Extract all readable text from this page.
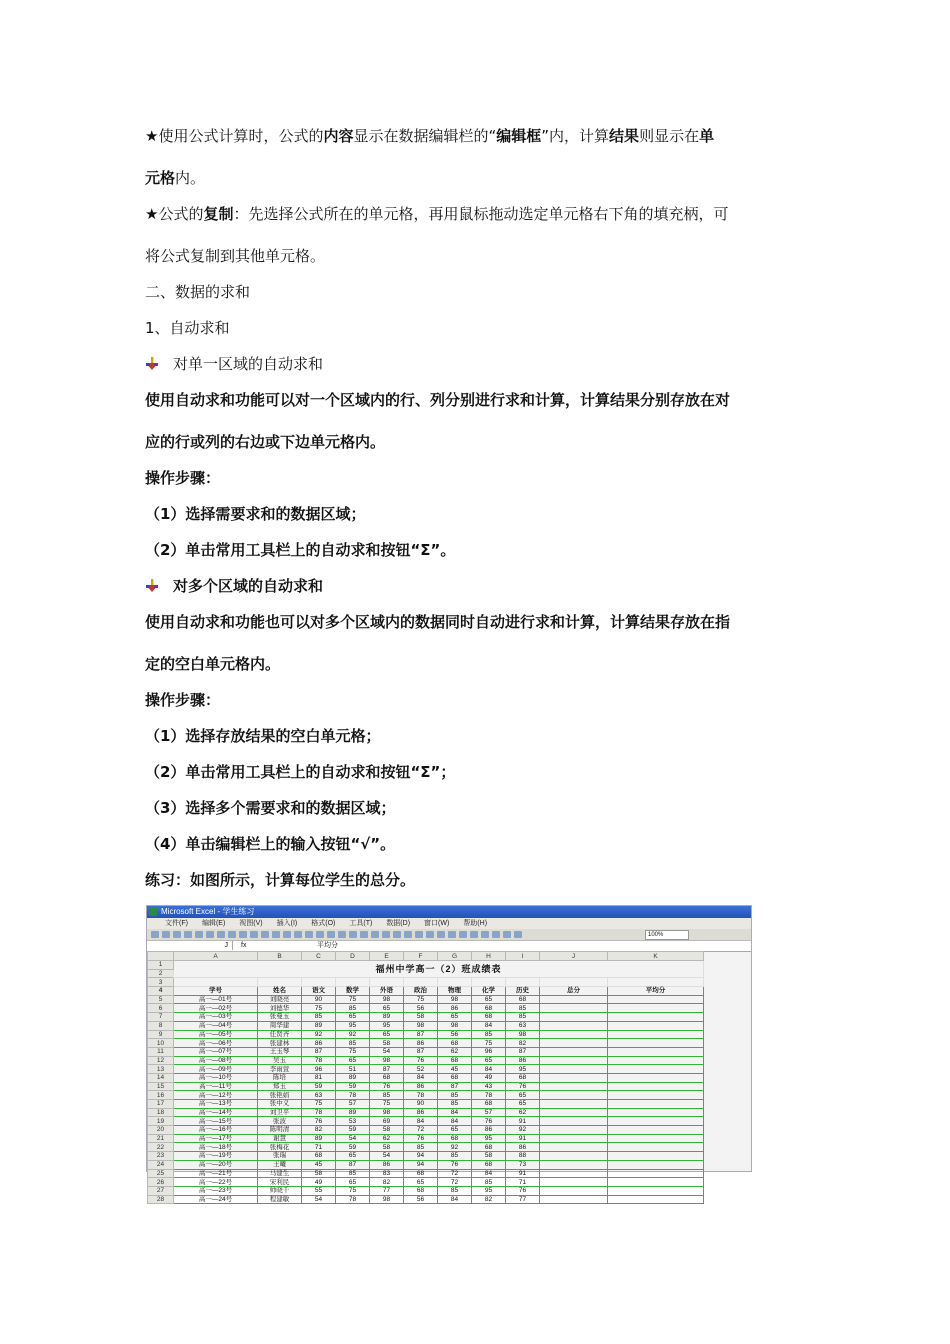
★使用公式计算时，公式的内容显示在数据编辑栏的“编辑框”内，计算结果则显示在单
元格内。
★公式的复制：先选择公式所在的单元格，再用鼠标拖动选定单元格右下角的填充柄，可
将公式复制到其他单元格。
二、数据的求和
1、自动求和
对单一区域的自动求和
使用自动求和功能可以对一个区域内的行、列分别进行求和计算，计算结果分别存放在对
应的行或列的右边或下边单元格内。
操作步骤：
（1）选择需要求和的数据区域；
（2）单击常用工具栏上的自动求和按钮“Σ”。
对多个区域的自动求和
使用自动求和功能也可以对多个区域内的数据同时自动进行求和计算，计算结果存放在指
定的空白单元格内。
操作步骤：
（1）选择存放结果的空白单元格；
（2）单击常用工具栏上的自动求和按钮“Σ”；
（3）选择多个需要求和的数据区域；
（4）单击编辑栏上的输入按钮“√”。
练习：如图所示，计算每位学生的总分。
Microsoft Excel - 学生练习
文件(F) 编辑(E) 视图(V) 插入(I) 格式(O) 工具(T) 数据(D) 窗口(W) 帮助(H)
100%
J	fx	平均分
	A	B	C	D	E	F	G	H	I	J	K
1	福州中学高一（2）班成绩表										
2											
3											
4	学号	姓名	语文	数学	外语	政治	物理	化学	历史	总分	平均分
5	高一—01号	刘晓亮	90	75	98	75	98	65	68		
6	高一—02号	刘德华	75	85	65	56	86	68	85		
7	高一—03号	张曼玉	85	65	89	58	65	68	85		
8	高一—04号	周华建	89	95	95	98	98	84	63		
9	高一—05号	任贤齐	92	92	65	87	56	85	98		
10	高一—06号	张建林	86	85	58	86	68	75	82		
11	高一—07号	王玉琴	87	75	54	87	62	96	87		
12	高一—08号	吴玉	78	65	98	76	68	65	86		
13	高一—09号	李雨萱	96	51	87	52	45	84	95		
14	高一—10号	陈培	81	89	68	84	68	49	68		
15	高一—11号	郑玉	59	59	76	86	87	43	76		
16	高一—12号	张艳娟	63	78	85	78	85	78	65		
17	高一—13号	张中义	75	57	75	90	85	68	65		
18	高一—14号	刘卫平	78	89	98	86	84	57	62		
19	高一—15号	张波	76	53	69	84	84	76	91		
20	高一—16号	陈明清	82	59	58	72	65	86	92		
21	高一—17号	谢慧	89	54	62	76	68	95	91		
22	高一—18号	张梅花	71	59	58	85	92	68	86		
23	高一—19号	张瑞	68	65	54	94	85	58	88		
24	高一—20号	王曦	45	87	86	94	76	68	73		
25	高一—21号	马建生	58	85	83	68	72	84	91		
26	高一—22号	宋利民	49	65	82	65	72	85	71		
27	高一—23号	帅晓千	55	75	77	68	85	95	76		
28	高一—24号	程建敏	54	78	98	56	84	82	77		
